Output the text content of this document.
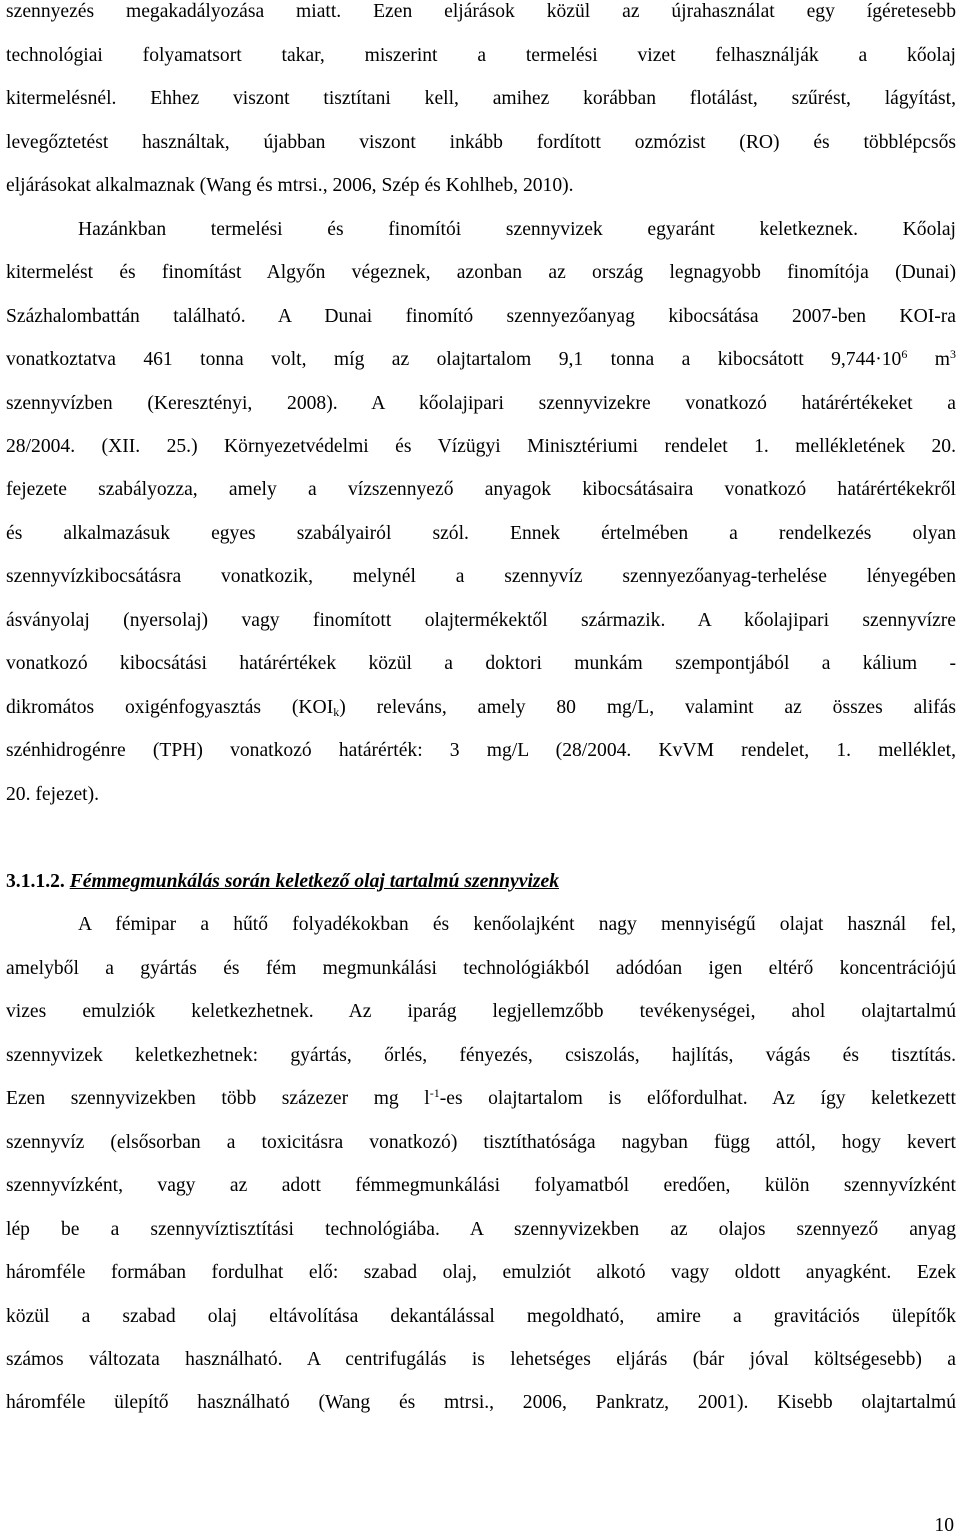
szennyezés megakadályozása miatt. Ezen eljárások közül az újrahasználat egy ígéretesebb
technológiai folyamatsort takar, miszerint a termelési vizet felhasználják a kőolaj
kitermelésnél. Ehhez viszont tisztítani kell, amihez korábban flotálást, szűrést, lágyítást,
levegőztetést használtak, újabban viszont inkább fordított ozmózist (RO) és többlépcsős
eljárásokat alkalmaznak (Wang és mtrsi., 2006, Szép és Kohlheb, 2010).
Hazánkban termelési és finomítói szennyvizek egyaránt keletkeznek. Kőolaj
kitermelést és finomítást Algyőn végeznek, azonban az ország legnagyobb finomítója (Dunai)
Százhalombattán található. A Dunai finomító szennyezőanyag kibocsátása 2007-ben KOI-ra
vonatkoztatva 461 tonna volt, míg az olajtartalom 9,1 tonna a kibocsátott $9,744\cdot 10^6$ $m^3$
szennyvízben (Keresztényi, 2008). A kőolajipari szennyvizekre vonatkozó határértékeket a
28/2004. (XII. 25.) Környezetvédelmi és Vízügyi Minisztériumi rendelet 1. mellékletének 20.
fejezete szabályozza, amely a vízszennyező anyagok kibocsátásaira vonatkozó határértékekről
és alkalmazásuk egyes szabályairól szól. Ennek értelmében a rendelkezés olyan
szennyvízkibocsátásra vonatkozik, melynél a szennyvíz szennyezőanyag-terhelése lényegében
ásványolaj (nyersolaj) vagy finomított olajtermékektől származik. A kőolajipari szennyvízre
vonatkozó kibocsátási határértékek közül a doktori munkám szempontjából a kálium -
dikromátos oxigénfogyasztás $(KOI_k)$ releváns, amely 80 mg/L, valamint az összes alifás
szénhidrogénre (TPH) vonatkozó határérték: 3 mg/L (28/2004. KvVM rendelet, 1. melléklet,
20. fejezet).
3.1.1.2. Fémmegmunkálás során keletkező olaj tartalmú szennyvizek
A fémipar a hűtő folyadékokban és kenőolajként nagy mennyiségű olajat használ fel,
amelyből a gyártás és fém megmunkálási technológiákból adódóan igen eltérő koncentrációjú
vizes emulziók keletkezhetnek. Az iparág legjellemzőbb tevékenységei, ahol olajtartalmú
szennyvizek keletkezhetnek: gyártás, őrlés, fényezés, csiszolás, hajlítás, vágás és tisztítás.
Ezen szennyvizekben több százezer mg $l^{-1}-es$ olajtartalom is előfordulhat. Az így keletkezett
szennyvíz (elsősorban a toxicitásra vonatkozó) tisztíthatósága nagyban függ attól, hogy kevert
szennyvízként, vagy az adott fémmegmunkálási folyamatból eredően, külön szennyvízként
lép be a szennyvíztisztítási technológiába. A szennyvizekben az olajos szennyező anyag
háromféle formában fordulhat elő: szabad olaj, emulziót alkotó vagy oldott anyagként. Ezek
közül a szabad olaj eltávolítása dekantálással megoldható, amire a gravitációs ülepítők
számos változata használható. A centrifugálás is lehetséges eljárás (bár jóval költségesebb) a
háromféle ülepítő használható (Wang és mtrsi., 2006, Pankratz, 2001). Kisebb olajtartalmú
10
